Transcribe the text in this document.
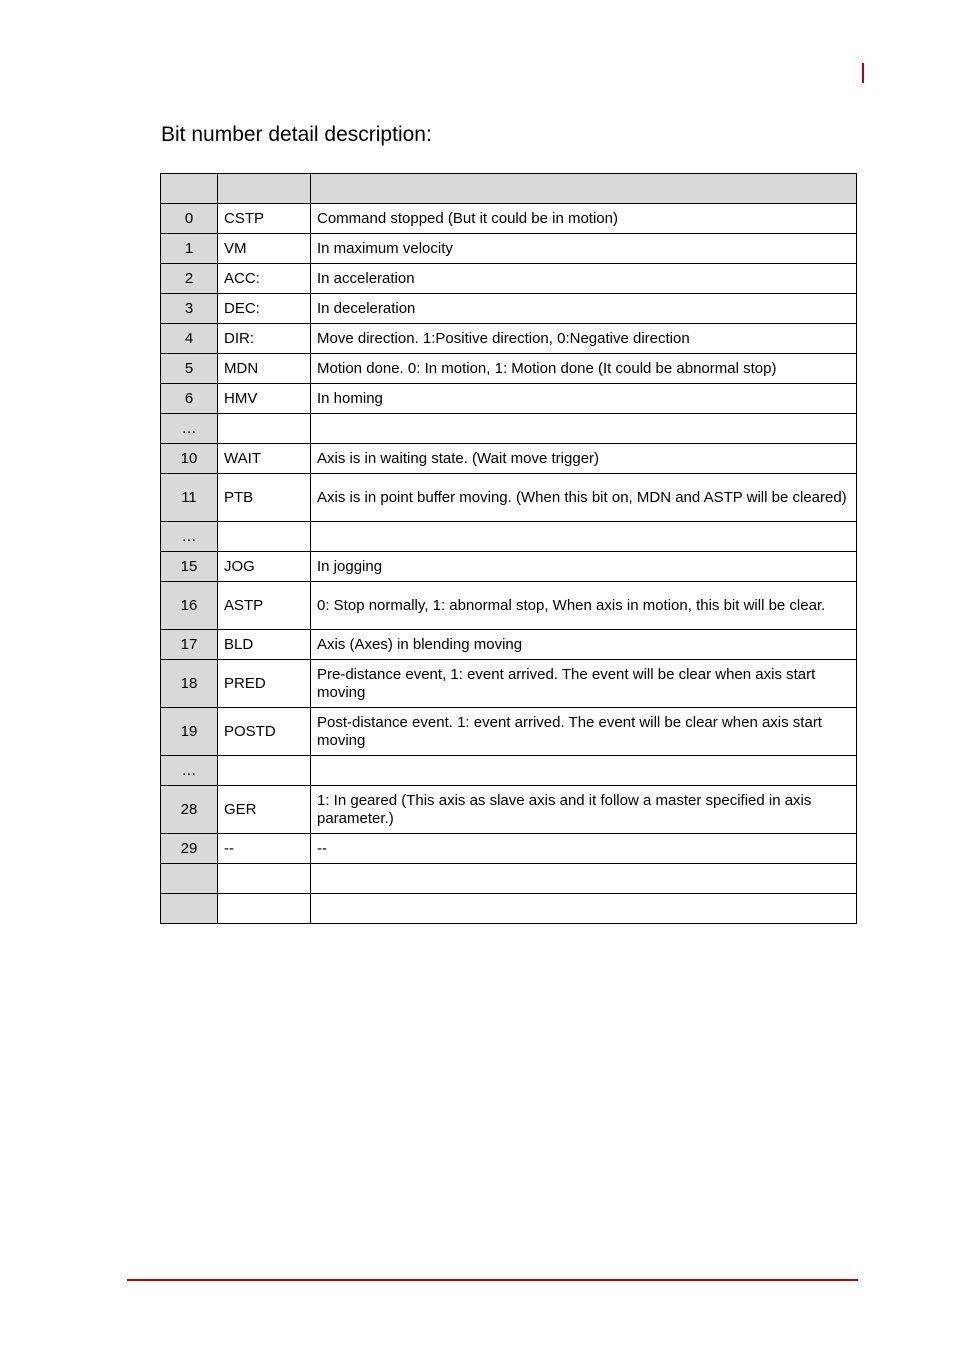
Bit number detail description:

0	CSTP	Command stopped (But it could be in motion)
1	VM	In maximum velocity
2	ACC:	In acceleration
3	DEC:	In deceleration
4	DIR:	Move direction. 1:Positive direction, 0:Negative direction
5	MDN	Motion done. 0: In motion, 1: Motion done (It could be abnormal stop)
6	HMV	In homing
…		
10	WAIT	Axis is in waiting state. (Wait move trigger)
11	PTB	Axis is in point buffer moving. (When this bit on, MDN and ASTP will be cleared)
…		
15	JOG	In jogging
16	ASTP	0: Stop normally, 1: abnormal stop, When axis in motion, this bit will be clear.
17	BLD	Axis (Axes) in blending moving
18	PRED	Pre-distance event, 1: event arrived. The event will be clear when axis start moving
19	POSTD	Post-distance event. 1: event arrived. The event will be clear when axis start moving
…		
28	GER	1: In geared (This axis as slave axis and it follow a master specified in axis parameter.)
29	--	--
